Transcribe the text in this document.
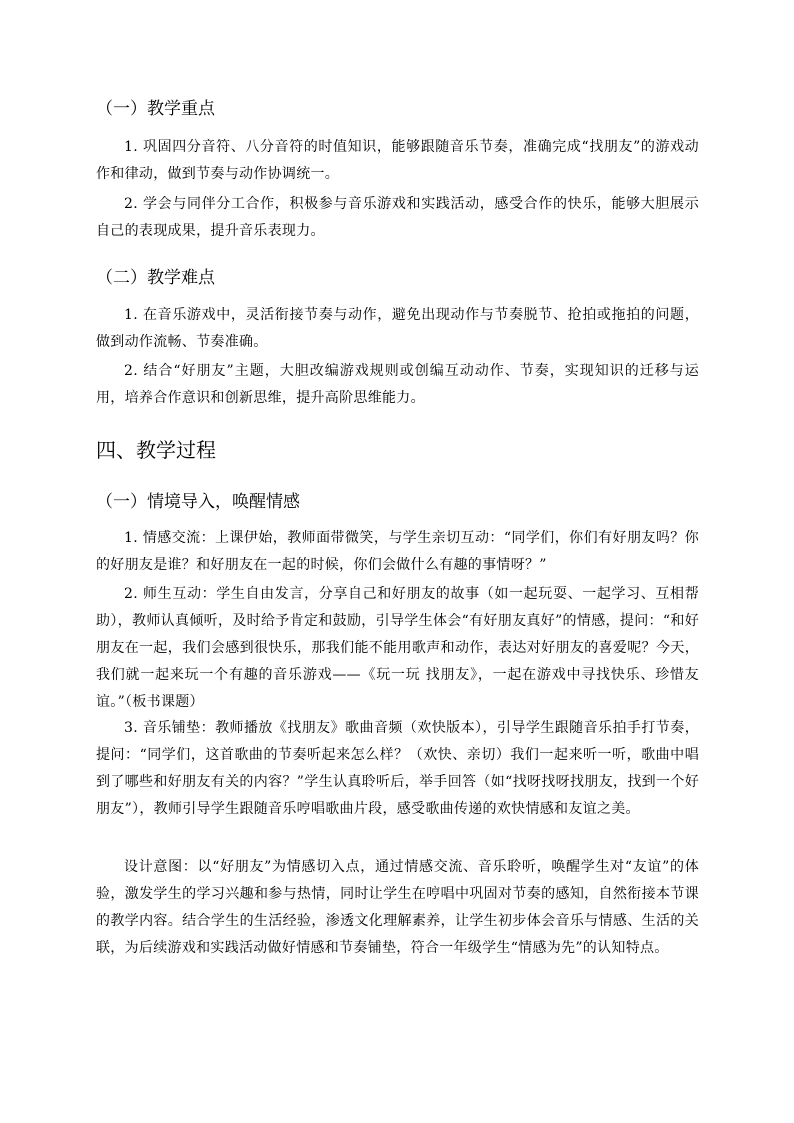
（一）教学重点

1. 巩固四分音符、八分音符的时值知识，能够跟随音乐节奏，准确完成“找朋友”的游戏动作和律动，做到节奏与动作协调统一。

2. 学会与同伴分工合作，积极参与音乐游戏和实践活动，感受合作的快乐，能够大胆展示自己的表现成果，提升音乐表现力。

（二）教学难点

1. 在音乐游戏中，灵活衔接节奏与动作，避免出现动作与节奏脱节、抢拍或拖拍的问题，做到动作流畅、节奏准确。

2. 结合“好朋友”主题，大胆改编游戏规则或创编互动动作、节奏，实现知识的迁移与运用，培养合作意识和创新思维，提升高阶思维能力。

四、教学过程
（一）情境导入，唤醒情感

1. 情感交流：上课伊始，教师面带微笑，与学生亲切互动：“同学们，你们有好朋友吗？你的好朋友是谁？和好朋友在一起的时候，你们会做什么有趣的事情呀？”

2. 师生互动：学生自由发言，分享自己和好朋友的故事（如一起玩耍、一起学习、互相帮助），教师认真倾听，及时给予肯定和鼓励，引导学生体会“有好朋友真好”的情感，提问：“和好朋友在一起，我们会感到很快乐，那我们能不能用歌声和动作，表达对好朋友的喜爱呢？今天，我们就一起来玩一个有趣的音乐游戏——《玩一玩 找朋友》，一起在游戏中寻找快乐、珍惜友谊。”（板书课题）

3. 音乐铺垫：教师播放《找朋友》歌曲音频（欢快版本），引导学生跟随音乐拍手打节奏，提问：“同学们，这首歌曲的节奏听起来怎么样？（欢快、亲切）我们一起来听一听，歌曲中唱到了哪些和好朋友有关的内容？”学生认真聆听后，举手回答（如“找呀找呀找朋友，找到一个好朋友”），教师引导学生跟随音乐哼唱歌曲片段，感受歌曲传递的欢快情感和友谊之美。

设计意图：以“好朋友”为情感切入点，通过情感交流、音乐聆听，唤醒学生对“友谊”的体验，激发学生的学习兴趣和参与热情，同时让学生在哼唱中巩固对节奏的感知，自然衔接本节课的教学内容。结合学生的生活经验，渗透文化理解素养，让学生初步体会音乐与情感、生活的关联，为后续游戏和实践活动做好情感和节奏铺垫，符合一年级学生“情感为先”的认知特点。
